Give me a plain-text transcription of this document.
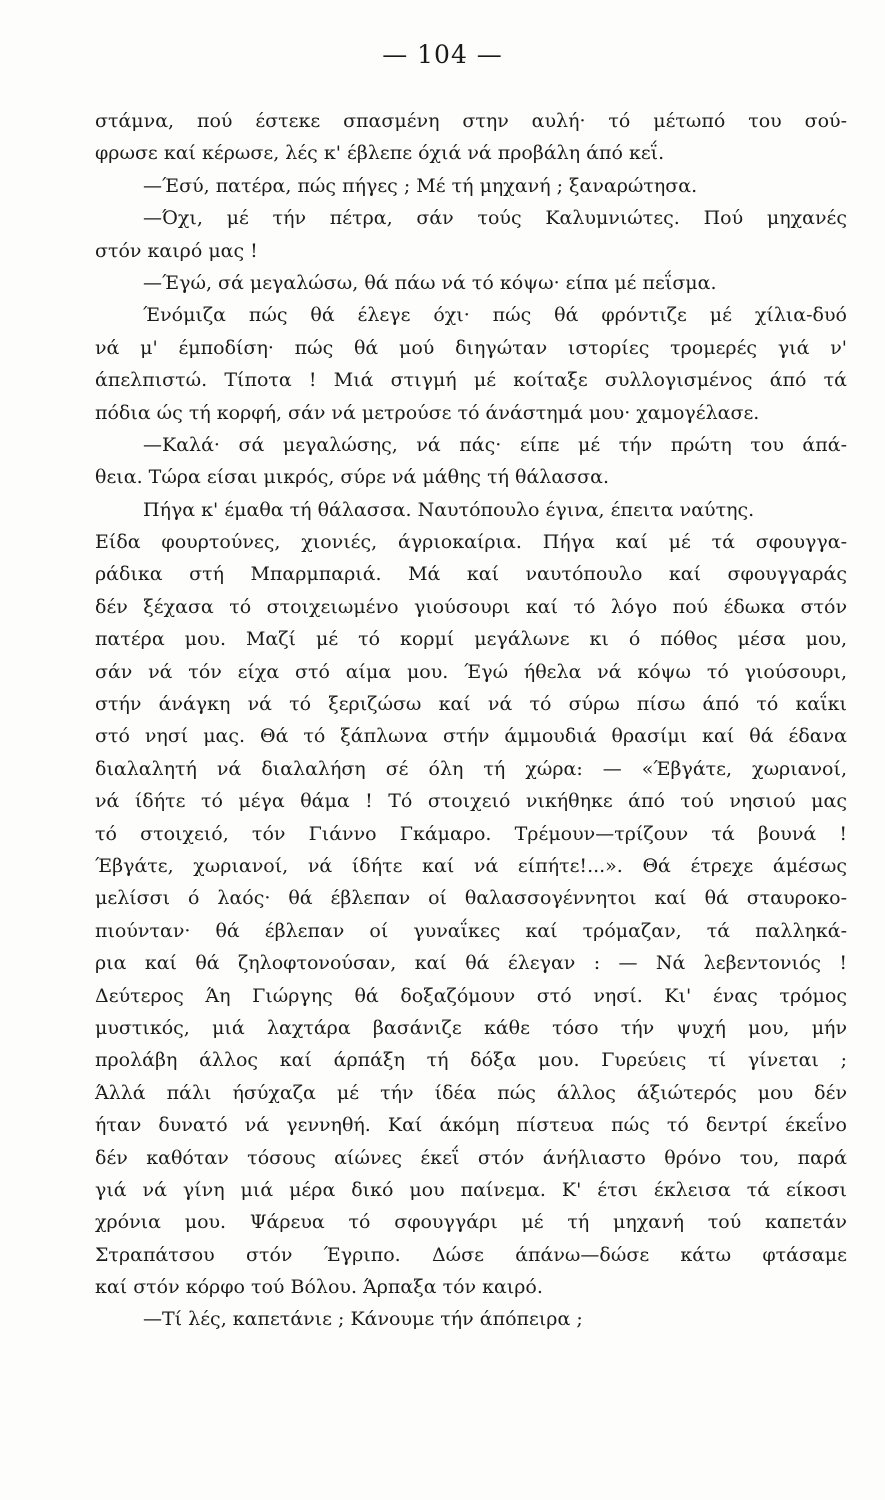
— 104 —
στάμνα, πού έστεκε σπασμένη στην αυλή· τό μέτωπό του σού-
φρωσε καί κέρωσε, λές κ' έβλεπε όχιά νά προβάλη άπό κεΐ.
—Έσύ, πατέρα, πώς πήγες ; Μέ τή μηχανή ; ξαναρώτησα.
—Όχι, μέ τήν πέτρα, σάν τούς Καλυμνιώτες. Πού μηχανές
στόν καιρό μας !
—Έγώ, σά μεγαλώσω, θά πάω νά τό κόψω· είπα μέ πεΐσμα.
Ένόμιζα πώς θά έλεγε όχι· πώς θά φρόντιζε μέ χίλια-δυό
νά μ' έμποδίση· πώς θά μού διηγώταν ιστορίες τρομερές γιά ν'
άπελπιστώ. Τίποτα ! Μιά στιγμή μέ κοίταξε συλλογισμένος άπό τά
πόδια ώς τή κορφή, σάν νά μετρούσε τό άνάστημά μου· χαμογέλασε.
—Καλά· σά μεγαλώσης, νά πάς· είπε μέ τήν πρώτη του άπά-
θεια. Τώρα είσαι μικρός, σύρε νά μάθης τή θάλασσα.
Πήγα κ' έμαθα τή θάλασσα. Ναυτόπουλο έγινα, έπειτα ναύτης.
Είδα φουρτούνες, χιονιές, άγριοκαίρια. Πήγα καί μέ τά σφουγγα-
ράδικα στή Μπαρμπαριά. Μά καί ναυτόπουλο καί σφουγγαράς
δέν ξέχασα τό στοιχειωμένο γιούσουρι καί τό λόγο πού έδωκα στόν
πατέρα μου. Μαζί μέ τό κορμί μεγάλωνε κι ό πόθος μέσα μου,
σάν νά τόν είχα στό αίμα μου. Έγώ ήθελα νά κόψω τό γιούσουρι,
στήν άνάγκη νά τό ξεριζώσω καί νά τό σύρω πίσω άπό τό καΐκι
στό νησί μας. Θά τό ξάπλωνα στήν άμμουδιά θρασίμι καί θά έδανα
διαλαλητή νά διαλαλήση σέ όλη τή χώρα: — «Έβγάτε, χωριανοί,
νά ίδήτε τό μέγα θάμα ! Τό στοιχειό νικήθηκε άπό τού νησιού μας
τό στοιχειό, τόν Γιάννο Γκάμαρο. Τρέμουν—τρίζουν τά βουνά !
Έβγάτε, χωριανοί, νά ίδήτε καί νά είπήτε!...». Θά έτρεχε άμέσως
μελίσσι ό λαός· θά έβλεπαν οί θαλασσογέννητοι καί θά σταυροκο-
πιούνταν· θά έβλεπαν οί γυναΐκες καί τρόμαζαν, τά παλληκά-
ρια καί θά ζηλοφτονούσαν, καί θά έλεγαν : — Νά λεβεντονιός !
Δεύτερος Άη Γιώργης θά δοξαζόμουν στό νησί. Κι' ένας τρόμος
μυστικός, μιά λαχτάρα βασάνιζε κάθε τόσο τήν ψυχή μου, μήν
προλάβη άλλος καί άρπάξη τή δόξα μου. Γυρεύεις τί γίνεται ;
Άλλά πάλι ήσύχαζα μέ τήν ίδέα πώς άλλος άξιώτερός μου δέν
ήταν δυνατό νά γεννηθή. Καί άκόμη πίστευα πώς τό δεντρί έκεΐνο
δέν καθόταν τόσους αίώνες έκεΐ στόν άνήλιαστο θρόνο του, παρά
γιά νά γίνη μιά μέρα δικό μου παίνεμα. Κ' έτσι έκλεισα τά είκοσι
χρόνια μου. Ψάρευα τό σφουγγάρι μέ τή μηχανή τού καπετάν
Στραπάτσου στόν Έγριπο. Δώσε άπάνω—δώσε κάτω φτάσαμε
καί στόν κόρφο τού Βόλου. Άρπαξα τόν καιρό.
—Τί λές, καπετάνιε ; Κάνουμε τήν άπόπειρα ;
